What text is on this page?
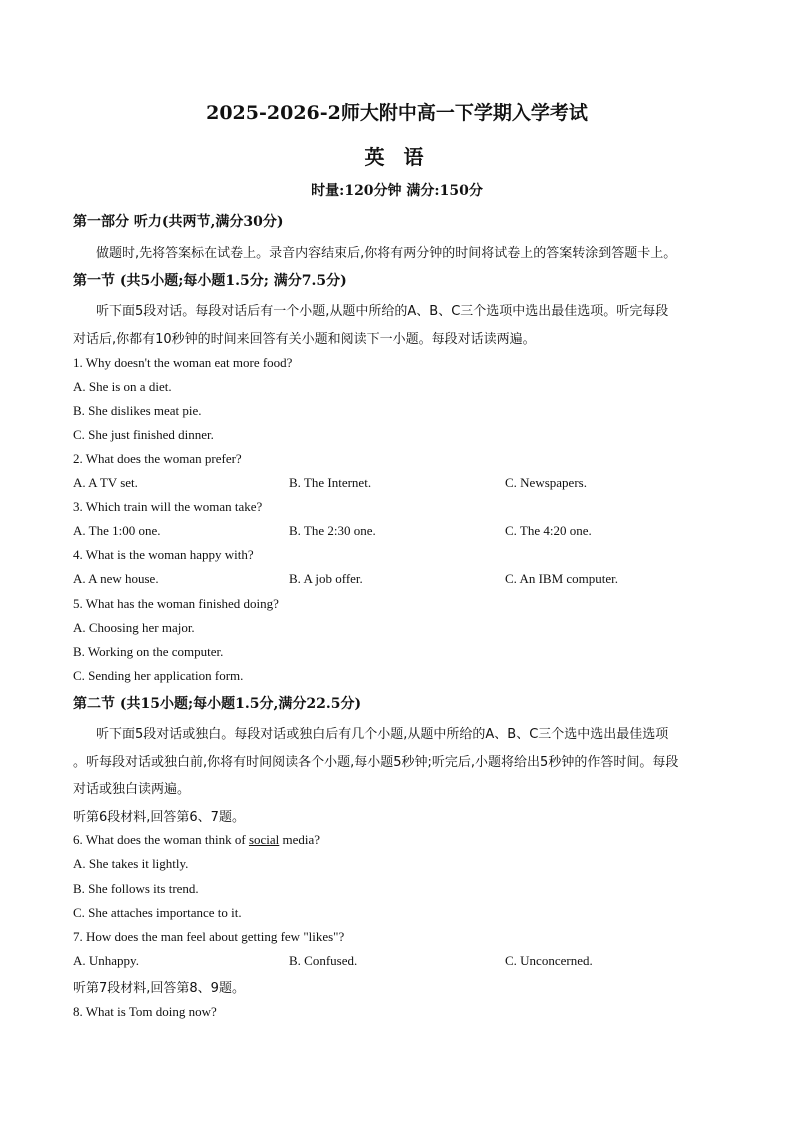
2025-2026-2师大附中高一下学期入学考试
英 语
时量:120分钟 满分:150分
第一部分 听力(共两节,满分30分)
做题时,先将答案标在试卷上。录音内容结束后,你将有两分钟的时间将试卷上的答案转涂到答题卡上。
第一节 (共5小题;每小题1.5分; 满分7.5分)
听下面5段对话。每段对话后有一个小题,从题中所给的A、B、C三个选项中选出最佳选项。听完每段
对话后,你都有10秒钟的时间来回答有关小题和阅读下一小题。每段对话读两遍。
1. Why doesn't the woman eat more food?
A. She is on a diet.
B. She dislikes meat pie.
C. She just finished dinner.
2. What does the woman prefer?
A. A TV set.	B. The Internet.	C. Newspapers.
3. Which train will the woman take?
A. The 1:00 one.	B. The 2:30 one.	C. The 4:20 one.
4. What is the woman happy with?
A. A new house.	B. A job offer.	C. An IBM computer.
5. What has the woman finished doing?
A. Choosing her major.
B. Working on the computer.
C. Sending her application form.
第二节 (共15小题;每小题1.5分,满分22.5分)
听下面5段对话或独白。每段对话或独白后有几个小题,从题中所给的A、B、C三个选中选出最佳选项
。听每段对话或独白前,你将有时间阅读各个小题,每小题5秒钟;听完后,小题将给出5秒钟的作答时间。每段
对话或独白读两遍。
听第6段材料,回答第6、7题。
6. What does the woman think of social media?
A. She takes it lightly.
B. She follows its trend.
C. She attaches importance to it.
7. How does the man feel about getting few "likes"?
A. Unhappy.	B. Confused.	C. Unconcerned.
听第7段材料,回答第8、9题。
8. What is Tom doing now?
